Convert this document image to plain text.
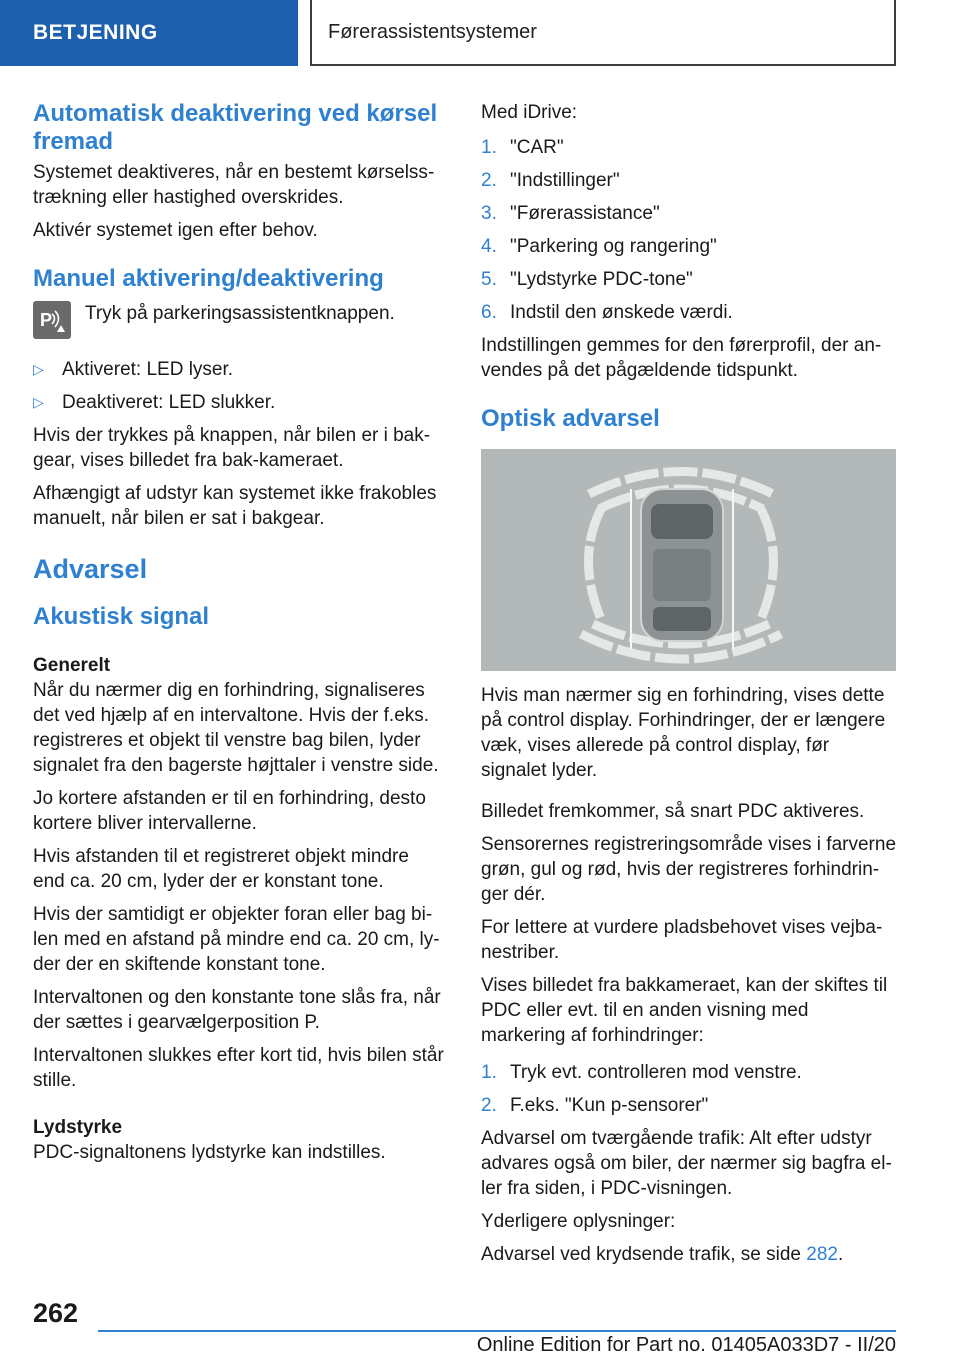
BETJENING	Førerassistentsystemer
Automatisk deaktivering ved kørsel fremad

Systemet deaktiveres, når en bestemt kørselsstrækning eller hastighed overskrides.

Aktivér systemet igen efter behov.

Manuel aktivering/deaktivering
P Tryk på parkeringsassistentknappen.
▷ Aktiveret: LED lyser.
▷ Deaktiveret: LED slukker.

Hvis der trykkes på knappen, når bilen er i bakgear, vises billedet fra bak-kameraet.

Afhængigt af udstyr kan systemet ikke frakobles manuelt, når bilen er sat i bakgear.

Advarsel
Akustisk signal
Generelt

Når du nærmer dig en forhindring, signaliseres det ved hjælp af en intervaltone. Hvis der f.eks. registreres et objekt til venstre bag bilen, lyder signalet fra den bagerste højttaler i venstre side.

Jo kortere afstanden er til en forhindring, desto kortere bliver intervallerne.

Hvis afstanden til et registreret objekt mindre end ca. 20 cm, lyder der er konstant tone.

Hvis der samtidigt er objekter foran eller bag bilen med en afstand på mindre end ca. 20 cm, lyder der en skiftende konstant tone.

Intervaltonen og den konstante tone slås fra, når der sættes i gearvælgerposition P.

Intervaltonen slukkes efter kort tid, hvis bilen står stille.

Lydstyrke

PDC-signaltonens lydstyrke kan indstilles.

Med iDrive:

1. "CAR"
2. "Indstillinger"
3. "Førerassistance"
4. "Parkering og rangering"
5. "Lydstyrke PDC-tone"
6. Indstil den ønskede værdi.

Indstillingen gemmes for den førerprofil, der anvendes på det pågældende tidspunkt.

Optisk advarsel

Hvis man nærmer sig en forhindring, vises dette på control display. Forhindringer, der er længere væk, vises allerede på control display, før signalet lyder.

Billedet fremkommer, så snart PDC aktiveres.

Sensorernes registreringsområde vises i farverne grøn, gul og rød, hvis der registreres forhindringer dér.

For lettere at vurdere pladsbehovet vises vejbanestriber.

Vises billedet fra bakkameraet, kan der skiftes til PDC eller evt. til en anden visning med markering af forhindringer:

1. Tryk evt. controlleren mod venstre.
2. F.eks. "Kun p-sensorer"

Advarsel om tværgående trafik: Alt efter udstyr advares også om biler, der nærmer sig bagfra eller fra siden, i PDC-visningen.

Yderligere oplysninger:

Advarsel ved krydsende trafik, se side 282.

262
Online Edition for Part no. 01405A033D7 - II/20
